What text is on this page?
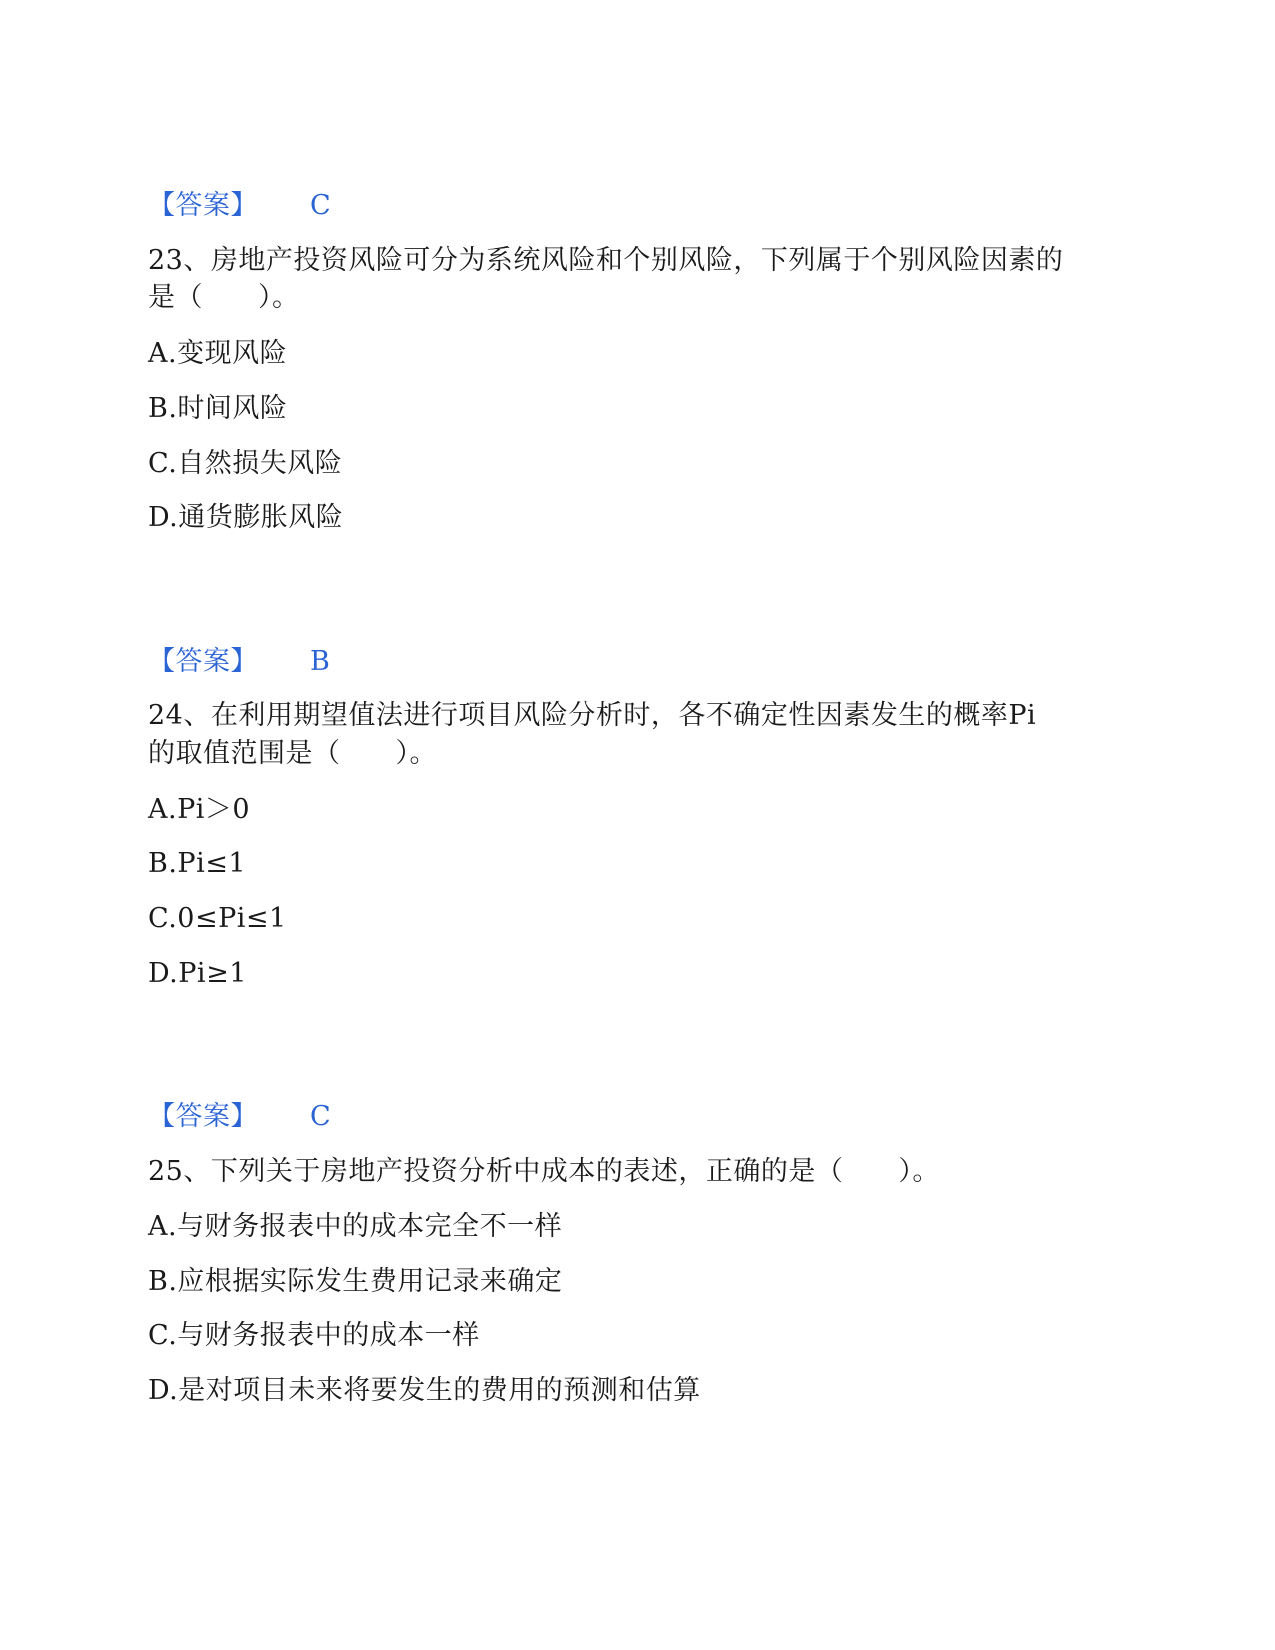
【答案】 C
23、房地产投资风险可分为系统风险和个别风险，下列属于个别风险因素的
是（　　）。
A.变现风险
B.时间风险
C.自然损失风险
D.通货膨胀风险
【答案】 B
24、在利用期望值法进行项目风险分析时，各不确定性因素发生的概率Pi
的取值范围是（　　）。
A.Pi＞0
B.Pi≤1
C.0≤Pi≤1
D.Pi≥1
【答案】 C
25、下列关于房地产投资分析中成本的表述，正确的是（　　）。
A.与财务报表中的成本完全不一样
B.应根据实际发生费用记录来确定
C.与财务报表中的成本一样
D.是对项目未来将要发生的费用的预测和估算
